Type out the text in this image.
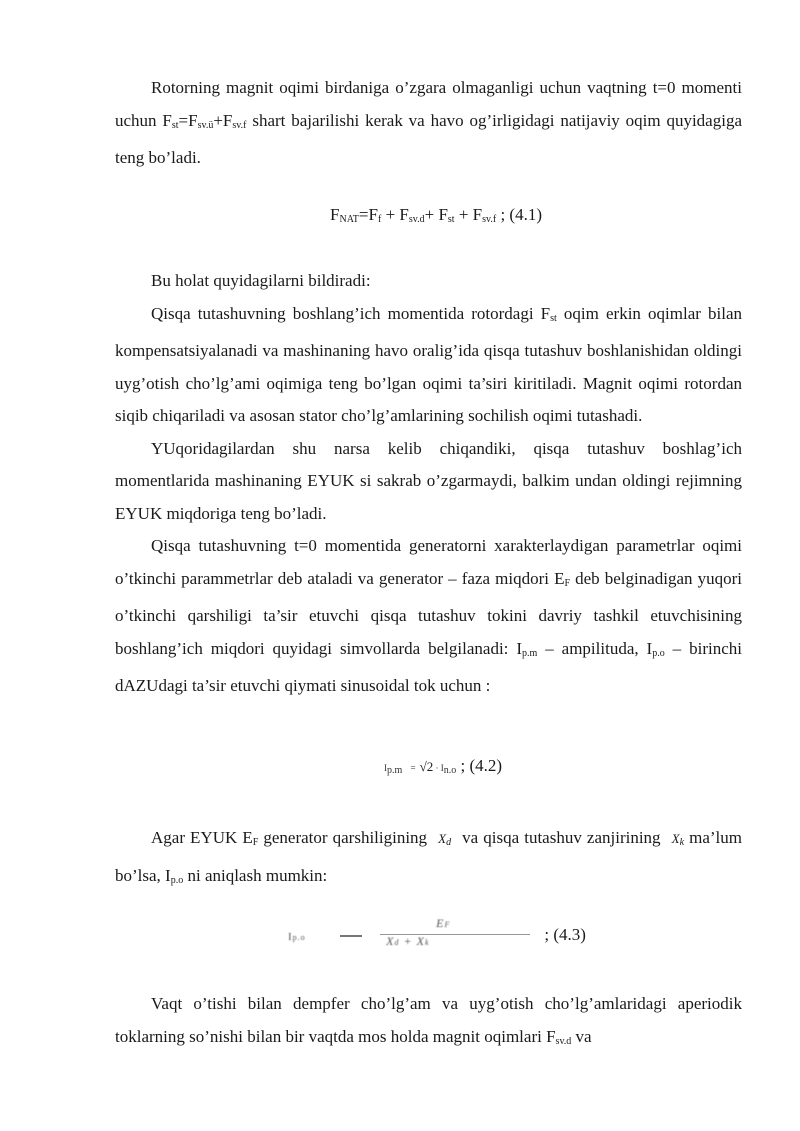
Rotorning magnit oqimi birdaniga o’zgara olmaganligi uchun vaqtning t=0 momenti uchun $F_{st}=F_{sv.ü}+F_{sv.f}$ shart bajarilishi kerak va havo og’irligidagi natijaviy oqim quyidagiga teng bo’ladi.

$F_{NAT}=F_f + F_{sv.d}+ F_{st} + F_{sv.f}$ ; (4.1)

Bu holat quyidagilarni bildiradi:

Qisqa tutashuvning boshlang’ich momentida rotordagi $F_{st}$ oqim erkin oqimlar bilan kompensatsiyalanadi va mashinaning havo oralig’ida qisqa tutashuv boshlanishidan oldingi uyg’otish cho’lg’ami oqimiga teng bo’lgan oqimi ta’siri kiritiladi. Magnit oqimi rotordan siqib chiqariladi va asosan stator cho’lg’amlarining sochilish oqimi tutashadi.

YUqoridagilardan shu narsa kelib chiqandiki, qisqa tutashuv boshlag’ich momentlarida mashinaning EYUK si sakrab o’zgarmaydi, balkim undan oldingi rejimning EYUK miqdoriga teng bo’ladi.

Qisqa tutashuvning t=0 momentida generatorni xarakterlaydigan parametrlar oqimi o’tkinchi parammetrlar deb ataladi va generator – faza miqdori $E_F$ deb belginadigan yuqori o’tkinchi qarshiligi ta’sir etuvchi qisqa tutashuv tokini davriy tashkil etuvchisining boshlang’ich miqdori quyidagi simvollarda belgilanadi: $I_{p.m}$ – ampilituda, $I_{p.o}$ – birinchi dAZUdagi ta’sir etuvchi qiymati sinusoidal tok uchun :

Ip.m = √2 · In.o ; (4.2)

Agar EYUK $E_F$ generator qarshiligining $X_d$ va qisqa tutashuv zanjirining $X_k$ ma’lum bo’lsa, $I_{p.o}$ ni aniqlash mumkin:

Ip.o
EF
Xd + Xk	; (4.3)

Vaqt o’tishi bilan dempfer cho’lg’am va uyg’otish cho’lg’amlaridagi aperiodik toklarning so’nishi bilan bir vaqtda mos holda magnit oqimlari $F_{sv.d}$ va
